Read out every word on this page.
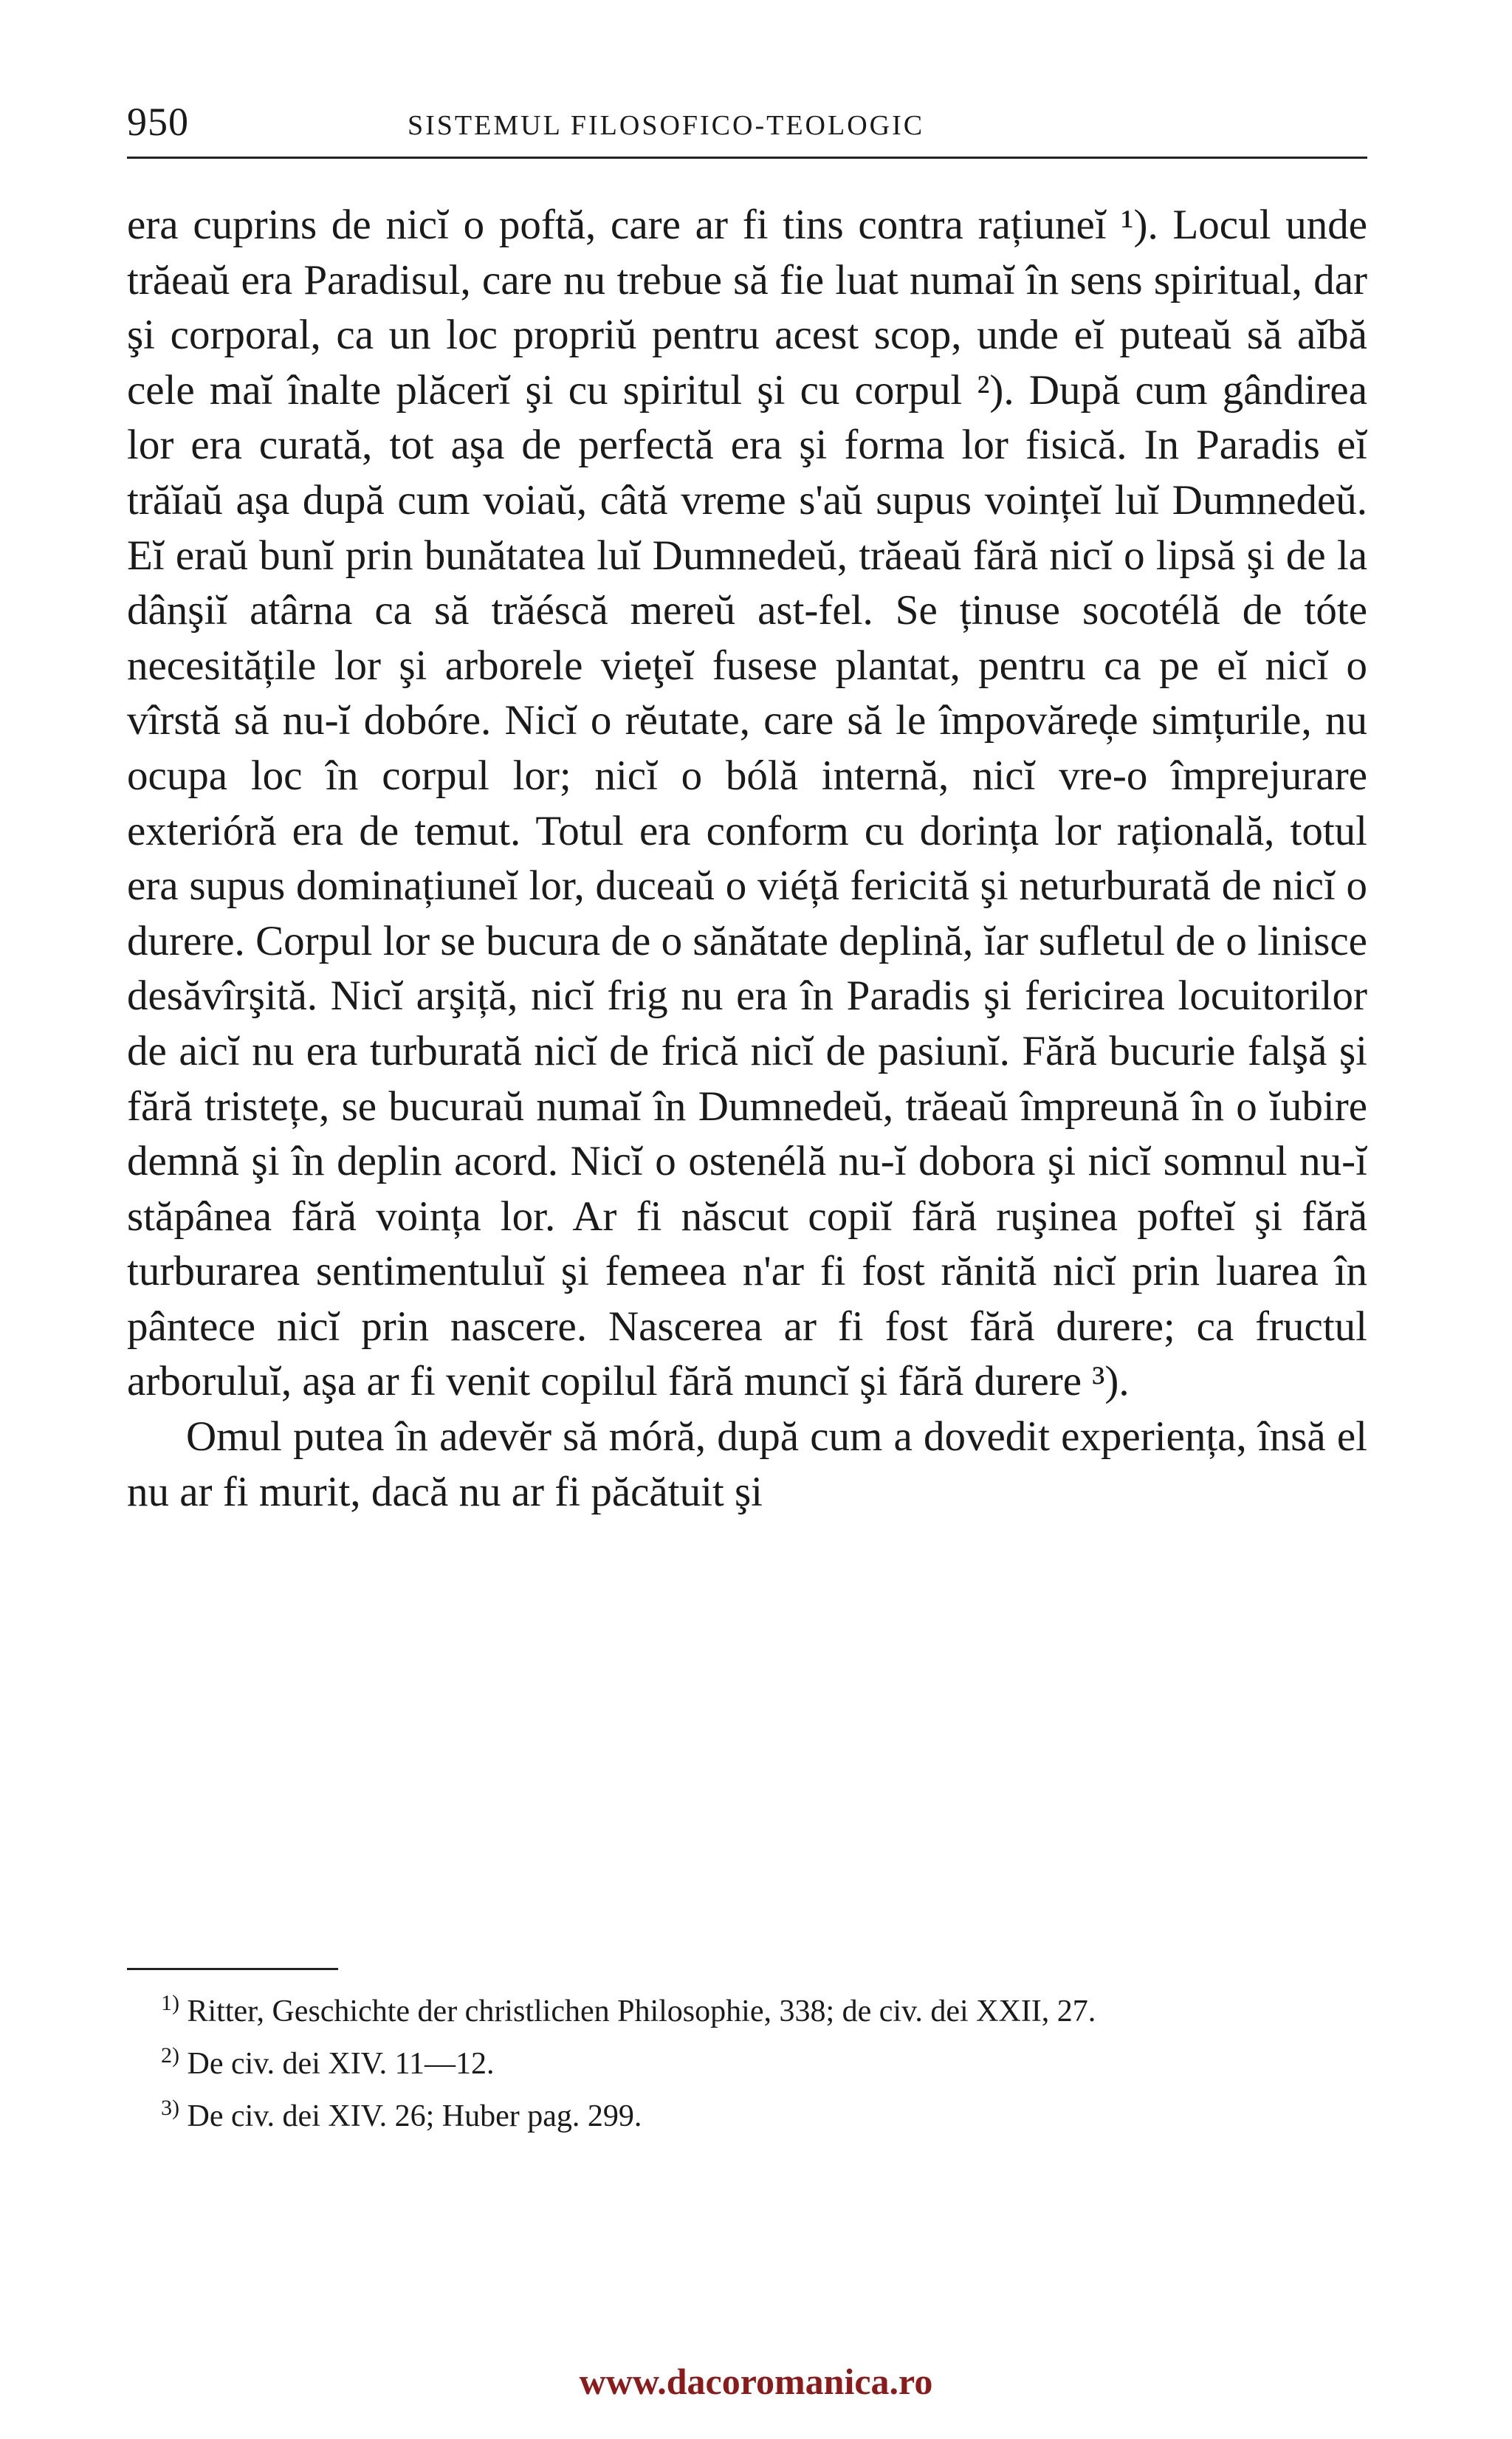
950	SISTEMUL FILOSOFICO-TEOLOGIC

era cuprins de nicĭ o poftă, care ar fi tins contra rațiuneĭ ¹). Locul unde trăeaŭ era Paradisul, care nu trebue să fie luat numaĭ în sens spiritual, dar şi corporal, ca un loc propriŭ pentru acest scop, unde eĭ puteaŭ să aĭbă cele maĭ înalte plăcerĭ şi cu spiritul şi cu corpul ²). După cum gândirea lor era curată, tot aşa de perfectă era şi forma lor fisică. In Paradis eĭ trăĭaŭ aşa după cum voiaŭ, câtă vreme s'aŭ supus voințeĭ luĭ Dumnedeŭ. Eĭ eraŭ bunĭ prin bunătatea luĭ Dumnedeŭ, trăeaŭ fără nicĭ o lipsă şi de la dânşiĭ atârna ca să trăéscă mereŭ ast-fel. Se ținuse socotélă de tóte necesitățile lor şi arborele vieţeĭ fusese plantat, pentru ca pe eĭ nicĭ o vîrstă să nu-ĭ dobóre. Nicĭ o rĕutate, care să le împovăreḑe simțurile, nu ocupa loc în corpul lor; nicĭ o bólă internă, nicĭ vre-o împrejurare exterióră era de temut. Totul era conform cu dorința lor rațională, totul era supus dominațiuneĭ lor, duceaŭ o viéță fericită şi neturburată de nicĭ o durere. Corpul lor se bucura de o sănătate deplină, ĭar sufletul de o linisce desăvîrşită. Nicĭ arşiță, nicĭ frig nu era în Paradis şi fericirea locuitorilor de aicĭ nu era turburată nicĭ de frică nicĭ de pasiunĭ. Fără bucurie falşă şi fără tristețe, se bucuraŭ numaĭ în Dumnedeŭ, trăeaŭ împreună în o ĭubire demnă şi în deplin acord. Nicĭ o ostenélă nu-ĭ dobora şi nicĭ somnul nu-ĭ stăpânea fără voința lor. Ar fi născut copiĭ fără ruşinea pofteĭ şi fără turburarea sentimentuluĭ şi femeea n'ar fi fost rănită nicĭ prin luarea în pântece nicĭ prin nascere. Nascerea ar fi fost fără durere; ca fructul arboruluĭ, aşa ar fi venit copilul fără muncĭ şi fără durere ³).

Omul putea în adevĕr să móră, după cum a dovedit experiența, însă el nu ar fi murit, dacă nu ar fi păcătuit şi

$^{1)}$ Ritter, Geschichte der christlichen Philosophie, 338; de civ. dei XXII, 27.

$^{2)}$ De civ. dei XIV. 11—12.

$^{3)}$ De civ. dei XIV. 26; Huber pag. 299.

www.dacoromanica.ro
